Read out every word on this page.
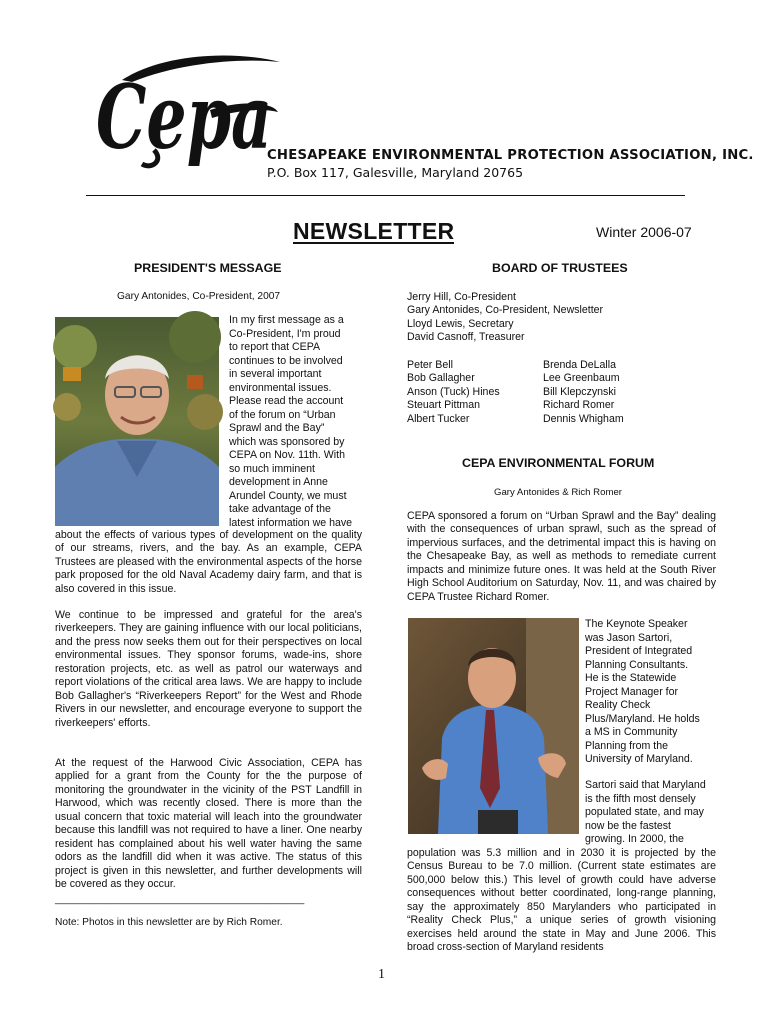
Cepa
CHESAPEAKE ENVIRONMENTAL PROTECTION ASSOCIATION, INC.
P.O. Box 117, Galesville, Maryland 20765
NEWSLETTER	Winter 2006-07
PRESIDENT'S MESSAGE
Gary Antonides, Co-President, 2007
In my first message as a
Co-President, I'm proud
to report that CEPA
continues to be involved
in several important
environmental issues.
Please read the account
of the forum on “Urban
Sprawl and the Bay”
which was sponsored by
CEPA on Nov. 11th. With
so much imminent
development in Anne
Arundel County, we must
take advantage of the
latest information we have
about the effects of various types of development on the quality of our streams, rivers, and the bay. As an example, CEPA Trustees are pleased with the environmental aspects of the horse park proposed for the old Naval Academy dairy farm, and that is also covered in this issue.
We continue to be impressed and grateful for the area's riverkeepers. They are gaining influence with our local politicians, and the press now seeks them out for their perspectives on local environmental issues. They sponsor forums, wade-ins, shore restoration projects, etc. as well as patrol our waterways and report violations of the critical area laws. We are happy to include Bob Gallagher's “Riverkeepers Report” for the West and Rhode Rivers in our newsletter, and encourage everyone to support the riverkeepers' efforts.
At the request of the Harwood Civic Association, CEPA has applied for a grant from the County for the the purpose of monitoring the groundwater in the vicinity of the PST Landfill in Harwood, which was recently closed. There is more than the usual concern that toxic material will leach into the groundwater because this landfill was not required to have a liner. One nearby resident has complained about his well water having the same odors as the landfill did when it was active. The status of this project is given in this newsletter, and further developments will be covered as they occur.
____________________________________________
Note: Photos in this newsletter are by Rich Romer.
BOARD OF TRUSTEES
Jerry Hill, Co-President
Gary Antonides, Co-President, Newsletter
Lloyd Lewis, Secretary
David Casnoff, Treasurer
Peter Bell
Bob Gallagher
Anson (Tuck) Hines
Steuart Pittman
Albert Tucker
Brenda DeLalla
Lee Greenbaum
Bill Klepczynski
Richard Romer
Dennis Whigham
CEPA ENVIRONMENTAL FORUM
Gary Antonides & Rich Romer
CEPA sponsored a forum on “Urban Sprawl and the Bay” dealing with the consequences of urban sprawl, such as the spread of impervious surfaces, and the detrimental impact this is having on the Chesapeake Bay, as well as methods to remediate current impacts and minimize future ones. It was held at the South River High School Auditorium on Saturday, Nov. 11, and was chaired by CEPA Trustee Richard Romer.
The Keynote Speaker
was Jason Sartori,
President of Integrated
Planning Consultants.
He is the Statewide
Project Manager for
Reality Check
Plus/Maryland. He holds
a MS in Community
Planning from the
University of Maryland.
Sartori said that Maryland
is the fifth most densely
populated state, and may
now be the fastest
growing. In 2000, the
population was 5.3 million and in 2030 it is projected by the Census Bureau to be 7.0 million. (Current state estimates are 500,000 below this.) This level of growth could have adverse consequences without better coordinated, long-range planning, say the approximately 850 Marylanders who participated in “Reality Check Plus,” a unique series of growth visioning exercises held around the state in May and June 2006. This broad cross-section of Maryland residents
1
